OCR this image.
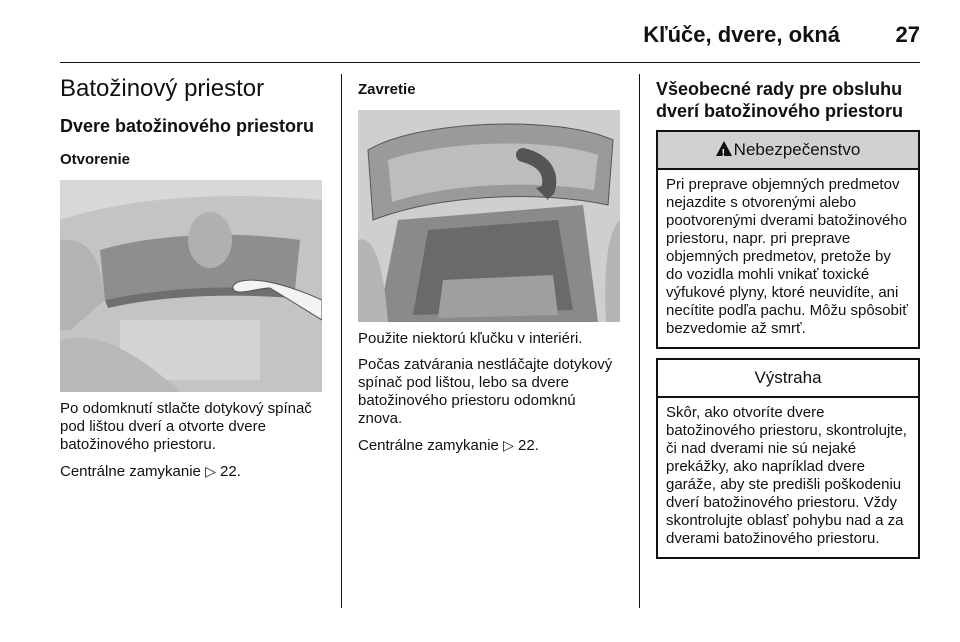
Kľúče, dvere, okná	27
Batožinový priestor
Dvere batožinového priestoru
Otvorenie

Po odomknutí stlačte dotykový spínač pod lištou dverí a otvorte dvere batožinového priestoru.

Centrálne zamykanie ▷ 22.

Zavretie

Použite niektorú kľučku v interiéri.

Počas zatvárania nestláčajte dotykový spínač pod lištou, lebo sa dvere batožinového priestoru odomknú znova.

Centrálne zamykanie ▷ 22.

Všeobecné rady pre obsluhu dverí batožinového priestoru
!Nebezpečenstvo
Pri preprave objemných predmetov nejazdite s otvorenými alebo pootvorenými dverami batožinového priestoru, napr. pri preprave objemných predmetov, pretože by do vozidla mohli vnikať toxické výfukové plyny, ktoré neuvidíte, ani necítite podľa pachu. Môžu spôsobiť bezvedomie až smrť.
Výstraha
Skôr, ako otvoríte dvere batožinového priestoru, skontrolujte, či nad dverami nie sú nejaké prekážky, ako napríklad dvere garáže, aby ste predišli poškodeniu dverí batožinového priestoru. Vždy skontrolujte oblasť pohybu nad a za dverami batožinového priestoru.
